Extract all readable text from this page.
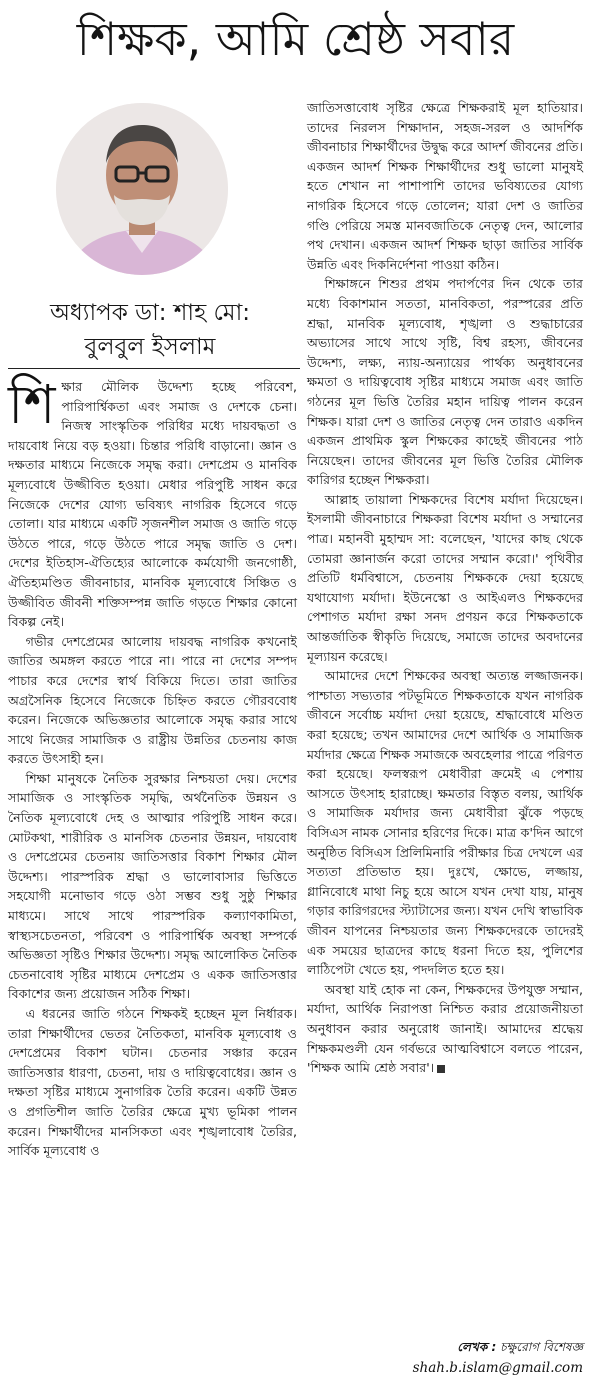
শিক্ষক, আমি শ্রেষ্ঠ সবার
অধ্যাপক ডা: শাহ মো:
বুলবুল ইসলাম

শিক্ষার মৌলিক উদ্দেশ্য হচ্ছে পরিবেশ, পারিপার্শ্বিকতা এবং সমাজ ও দেশকে চেনা। নিজস্ব সাংস্কৃতিক পরিধির মধ্যে দায়বদ্ধতা ও দায়বোধ নিয়ে বড় হওয়া। চিন্তার পরিধি বাড়ানো। জ্ঞান ও দক্ষতার মাধ্যমে নিজেকে সমৃদ্ধ করা। দেশপ্রেম ও মানবিক মূল্যবোধে উজ্জীবিত হওয়া। মেধার পরিপুষ্টি সাধন করে নিজেকে দেশের যোগ্য ভবিষ্যৎ নাগরিক হিসেবে গড়ে তোলা। যার মাধ্যমে একটি সৃজনশীল সমাজ ও জাতি গড়ে উঠতে পারে, গড়ে উঠতে পারে সমৃদ্ধ জাতি ও দেশ। দেশের ইতিহাস-ঐতিহ্যের আলোকে কর্মযোগী জনগোষ্ঠী, ঐতিহ্যমণ্ডিত জীবনাচার, মানবিক মূল্যবোধে সিঞ্চিত ও উজ্জীবিত জীবনী শক্তিসম্পন্ন জাতি গড়তে শিক্ষার কোনো বিকল্প নেই।

গভীর দেশপ্রেমের আলোয় দায়বদ্ধ নাগরিক কখনোই জাতির অমঙ্গল করতে পারে না। পারে না দেশের সম্পদ পাচার করে দেশের স্বার্থ বিকিয়ে দিতে। তারা জাতির অগ্রসৈনিক হিসেবে নিজেকে চিহ্নিত করতে গৌরববোধ করেন। নিজেকে অভিজ্ঞতার আলোকে সমৃদ্ধ করার সাথে সাথে নিজের সামাজিক ও রাষ্ট্রীয় উন্নতির চেতনায় কাজ করতে উৎসাহী হন।

শিক্ষা মানুষকে নৈতিক সুরক্ষার নিশ্চয়তা দেয়। দেশের সামাজিক ও সাংস্কৃতিক সমৃদ্ধি, অর্থনৈতিক উন্নয়ন ও নৈতিক মূল্যবোধে দেহ ও আত্মার পরিপুষ্টি সাধন করে। মোটকথা, শারীরিক ও মানসিক চেতনার উন্নয়ন, দায়বোধ ও দেশপ্রেমের চেতনায় জাতিসত্তার বিকাশ শিক্ষার মৌল উদ্দেশ্য। পারস্পরিক শ্রদ্ধা ও ভালোবাসার ভিত্তিতে সহযোগী মনোভাব গড়ে ওঠা সম্ভব শুধু সুষ্ঠু শিক্ষার মাধ্যমে। সাথে সাথে পারস্পরিক কল্যাণকামিতা, স্বাস্থ্যসচেতনতা, পরিবেশ ও পারিপার্শ্বিক অবস্থা সম্পর্কে অভিজ্ঞতা সৃষ্টিও শিক্ষার উদ্দেশ্য। সমৃদ্ধ আলোকিত নৈতিক চেতনাবোধ সৃষ্টির মাধ্যমে দেশপ্রেম ও একক জাতিসত্তার বিকাশের জন্য প্রয়োজন সঠিক শিক্ষা।

এ ধরনের জাতি গঠনে শিক্ষকই হচ্ছেন মূল নির্ধারক। তারা শিক্ষার্থীদের ভেতর নৈতিকতা, মানবিক মূল্যবোধ ও দেশপ্রেমের বিকাশ ঘটান। চেতনার সঞ্চার করেন জাতিসত্তার ধারণা, চেতনা, দায় ও দায়িত্ববোধের। জ্ঞান ও দক্ষতা সৃষ্টির মাধ্যমে সুনাগরিক তৈরি করেন। একটি উন্নত ও প্রগতিশীল জাতি তৈরির ক্ষেত্রে মুখ্য ভূমিকা পালন করেন। শিক্ষার্থীদের মানসিকতা এবং শৃঙ্খলাবোধ তৈরির, সার্বিক মূল্যবোধ ও

জাতিসত্তাবোধ সৃষ্টির ক্ষেত্রে শিক্ষকরাই মূল হাতিয়ার। তাদের নিরলস শিক্ষাদান, সহজ-সরল ও আদর্শিক জীবনাচার শিক্ষার্থীদের উদ্বুদ্ধ করে আদর্শ জীবনের প্রতি। একজন আদর্শ শিক্ষক শিক্ষার্থীদের শুধু ভালো মানুষই হতে শেখান না পাশাপাশি তাদের ভবিষ্যতের যোগ্য নাগরিক হিসেবে গড়ে তোলেন; যারা দেশ ও জাতির গণ্ডি পেরিয়ে সমস্ত মানবজাতিকে নেতৃত্ব দেন, আলোর পথ দেখান। একজন আদর্শ শিক্ষক ছাড়া জাতির সার্বিক উন্নতি এবং দিকনির্দেশনা পাওয়া কঠিন।

শিক্ষাঙ্গনে শিশুর প্রথম পদার্পণের দিন থেকে তার মধ্যে বিকাশমান সততা, মানবিকতা, পরস্পরের প্রতি শ্রদ্ধা, মানবিক মূল্যবোধ, শৃঙ্খলা ও শুদ্ধাচারের অভ্যাসের সাথে সাথে সৃষ্টি, বিশ্ব রহস্য, জীবনের উদ্দেশ্য, লক্ষ্য, ন্যায়-অন্যায়ের পার্থক্য অনুধাবনের ক্ষমতা ও দায়িত্ববোধ সৃষ্টির মাধ্যমে সমাজ এবং জাতি গঠনের মূল ভিত্তি তৈরির মহান দায়িত্ব পালন করেন শিক্ষক। যারা দেশ ও জাতির নেতৃত্ব দেন তারাও একদিন একজন প্রাথমিক স্কুল শিক্ষকের কাছেই জীবনের পাঠ নিয়েছেন। তাদের জীবনের মূল ভিত্তি তৈরির মৌলিক কারিগর হচ্ছেন শিক্ষকরা।

আল্লাহ তায়ালা শিক্ষকদের বিশেষ মর্যাদা দিয়েছেন। ইসলামী জীবনাচারে শিক্ষকরা বিশেষ মর্যাদা ও সম্মানের পাত্র। মহানবী মুহাম্মদ সা: বলেছেন, 'যাদের কাছ থেকে তোমরা জ্ঞানার্জন করো তাদের সম্মান করো।' পৃথিবীর প্রতিটি ধর্মবিশ্বাসে, চেতনায় শিক্ষককে দেয়া হয়েছে যথাযোগ্য মর্যাদা। ইউনেস্কো ও আইএলও শিক্ষকদের পেশাগত মর্যাদা রক্ষা সনদ প্রণয়ন করে শিক্ষকতাকে আন্তর্জাতিক স্বীকৃতি দিয়েছে, সমাজে তাদের অবদানের মূল্যায়ন করেছে।

আমাদের দেশে শিক্ষকের অবস্থা অত্যন্ত লজ্জাজনক। পাশ্চাত্য সভ্যতার পটভূমিতে শিক্ষকতাকে যখন নাগরিক জীবনে সর্বোচ্চ মর্যাদা দেয়া হয়েছে, শ্রদ্ধাবোধে মণ্ডিত করা হয়েছে; তখন আমাদের দেশে আর্থিক ও সামাজিক মর্যাদার ক্ষেত্রে শিক্ষক সমাজকে অবহেলার পাত্রে পরিণত করা হয়েছে। ফলস্বরূপ মেধাবীরা ক্রমেই এ পেশায় আসতে উৎসাহ হারাচ্ছে। ক্ষমতার বিস্তৃত বলয়, আর্থিক ও সামাজিক মর্যাদার জন্য মেধাবীরা ঝুঁকে পড়ছে বিসিএস নামক সোনার হরিণের দিকে। মাত্র ক'দিন আগে অনুষ্ঠিত বিসিএস প্রিলিমিনারি পরীক্ষার চিত্র দেখলে এর সত্যতা প্রতিভাত হয়। দুঃখে, ক্ষোভে, লজ্জায়, গ্লানিবোধে মাথা নিচু হয়ে আসে যখন দেখা যায়, মানুষ গড়ার কারিগরদের স্ট্যাটাসের জন্য। যখন দেখি স্বাভাবিক জীবন যাপনের নিশ্চয়তার জন্য শিক্ষকদেরকে তাদেরই এক সময়ের ছাত্রদের কাছে ধরনা দিতে হয়, পুলিশের লাঠিপেটা খেতে হয়, পদদলিত হতে হয়।

অবস্থা যাই হোক না কেন, শিক্ষকদের উপযুক্ত সম্মান, মর্যাদা, আর্থিক নিরাপত্তা নিশ্চিত করার প্রয়োজনীয়তা অনুধাবন করার অনুরোধ জানাই। আমাদের শ্রদ্ধেয় শিক্ষকমণ্ডলী যেন গর্বভরে আত্মবিশ্বাসে বলতে পারেন, 'শিক্ষক আমি শ্রেষ্ঠ সবার'।

লেখক : চক্ষুরোগ বিশেষজ্ঞ
shah.b.islam@gmail.com
